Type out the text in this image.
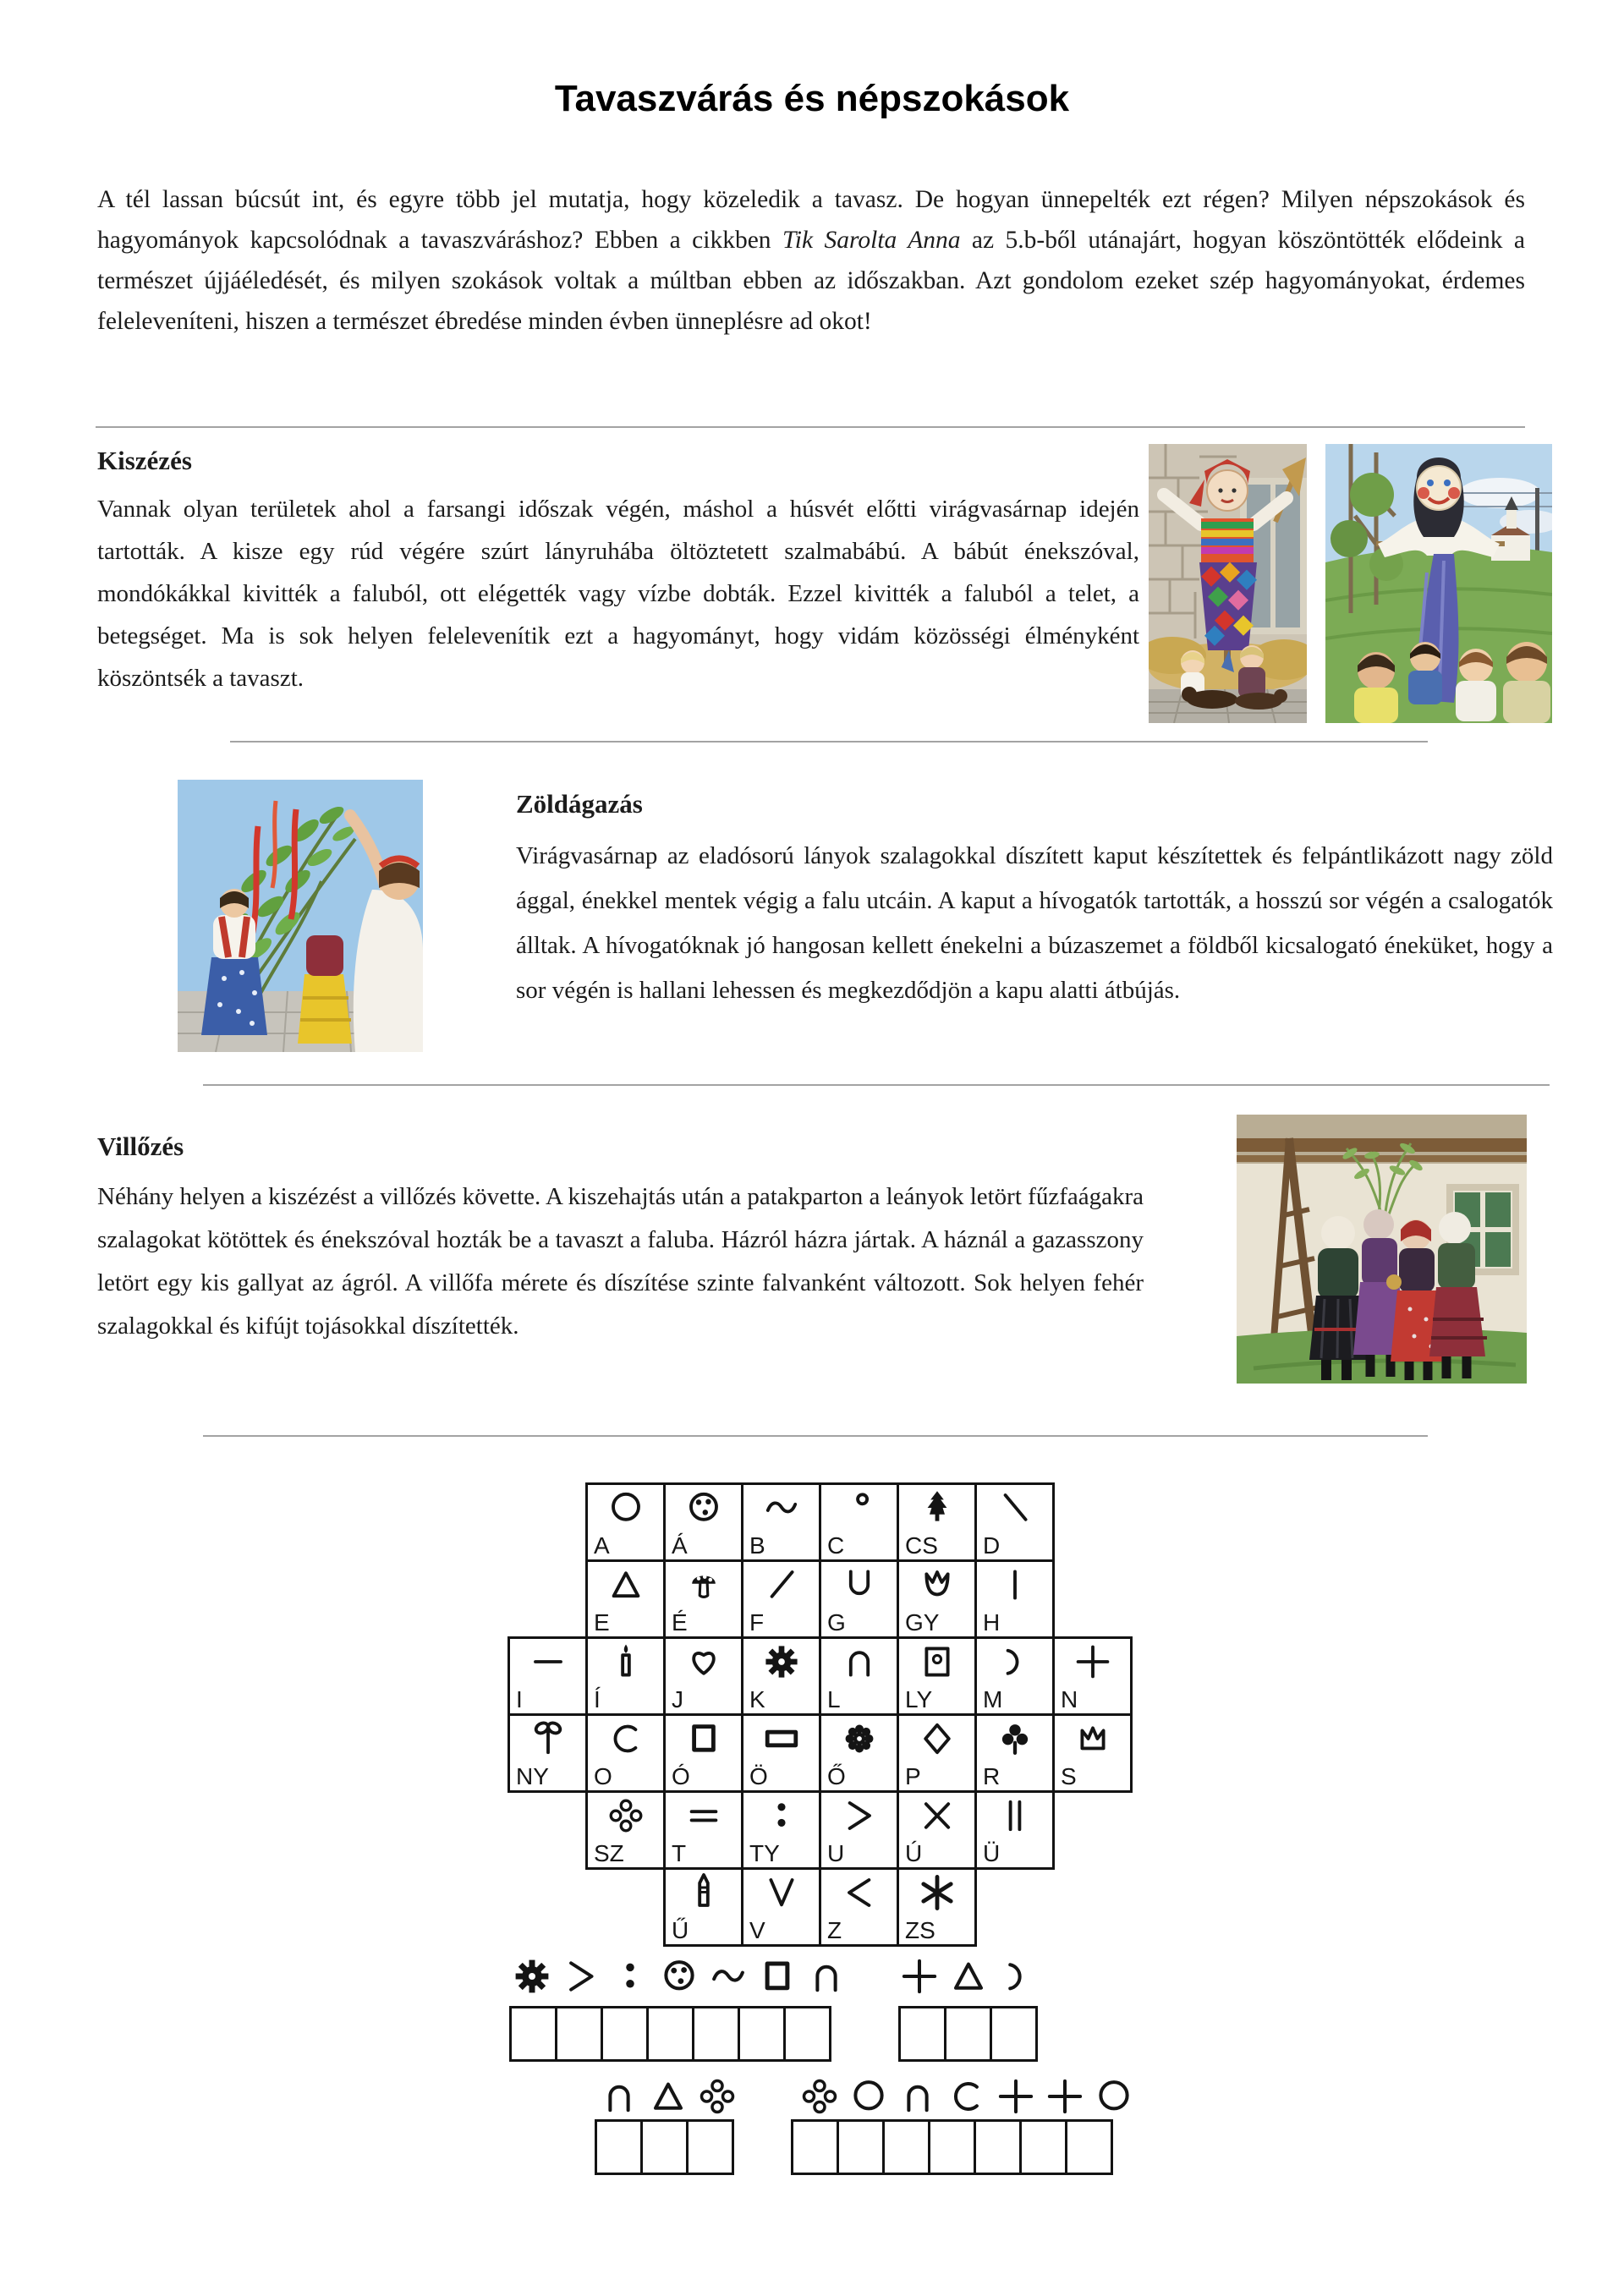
Tavaszvárás és népszokások

A tél lassan búcsút int, és egyre több jel mutatja, hogy közeledik a tavasz. De hogyan ünnepelték ezt régen? Milyen népszokások és hagyományok kapcsolódnak a tavaszváráshoz? Ebben a cikkben Tik Sarolta Anna az 5.b-ből utánajárt, hogyan köszöntötték elődeink a természet újjáéledését, és milyen szokások voltak a múltban ebben az időszakban. Azt gondolom ezeket szép hagyományokat, érdemes feleleveníteni, hiszen a természet ébredése minden évben ünneplésre ad okot!

Kiszézés

Vannak olyan területek ahol a farsangi időszak végén, máshol a húsvét előtti virágvasárnap idején tartották. A kisze egy rúd végére szúrt lányruhába öltöztetett szalmabábú. A bábút énekszóval, mondókákkal kivitték a faluból, ott elégették vagy vízbe dobták. Ezzel kivitték a faluból a telet, a betegséget. Ma is sok helyen felelevenítik ezt a hagyományt, hogy vidám közösségi élményként köszöntsék a tavaszt.

Zöldágazás

Virágvasárnap az eladósorú lányok szalagokkal díszített kaput készítettek és felpántlikázott nagy zöld ággal, énekkel mentek végig a falu utcáin. A kaput a hívogatók tartották, a hosszú sor végén a csalogatók álltak. A hívogatóknak jó hangosan kellett énekelni a búzaszemet a földből kicsalogató éneküket, hogy a sor végén is hallani lehessen és megkezdődjön a kapu alatti átbújás.

Villőzés

Néhány helyen a kiszézést a villőzés követte. A kiszehajtás után a patakparton a leányok letört fűzfaágakra szalagokat kötöttek és énekszóval hozták be a tavaszt a faluba. Házról házra jártak. A háznál a gazasszony letört egy kis gallyat az ágról. A villőfa mérete és díszítése szinte falvanként változott. Sok helyen fehér szalagokkal és kifújt tojásokkal díszítették.

A	Á	B	C	CS D
E	É	F	G	GY H
I	Í	J	K	L	LY M N
NY O	Ó	Ö	Ő	P	R	S
SZ T	TY U	Ú	Ü
Ű	V	Z	ZS
